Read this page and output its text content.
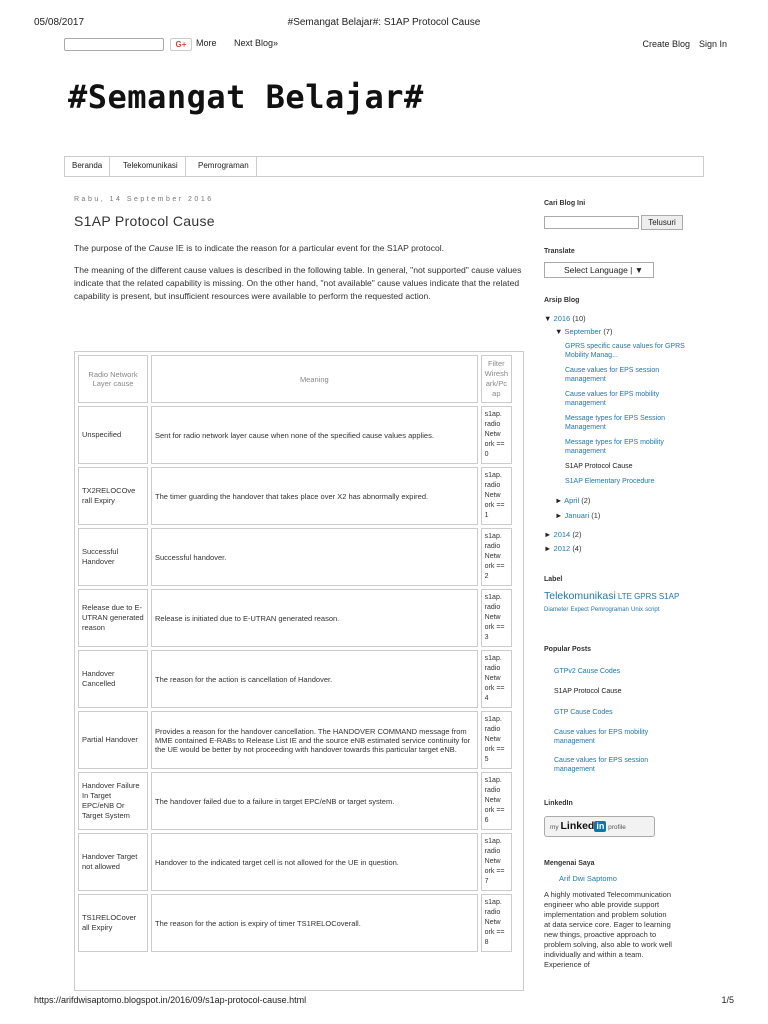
05/08/2017	#Semangat Belajar#: S1AP Protocol Cause
G+	More Next Blog»	Create Blog Sign In
#Semangat Belajar#
Beranda	Telekomunikasi	Pemrograman
Rabu, 14 September 2016
S1AP Protocol Cause

The purpose of the Cause IE is to indicate the reason for a particular event for the S1AP protocol.

The meaning of the different cause values is described in the following table. In general, "not supported" cause values indicate that the related capability is missing. On the other hand, "not available" cause values indicate that the related capability is present, but insufficient resources were available to perform the requested action.

Radio Network Layer cause	Meaning	Filter Wiresh ark/Pc ap
Unspecified	Sent for radio network layer cause when none of the specified cause values applies.	s1ap. radio Netw ork == 0
TX2RELOCOve rall Expiry	The timer guarding the handover that takes place over X2 has abnormally expired.	s1ap. radio Netw ork == 1
Successful Handover	Successful handover.	s1ap. radio Netw ork == 2
Release due to E-UTRAN generated reason	Release is initiated due to E-UTRAN generated reason.	s1ap. radio Netw ork == 3
Handover Cancelled	The reason for the action is cancellation of Handover.	s1ap. radio Netw ork == 4
Partial Handover	Provides a reason for the handover cancellation. The HANDOVER COMMAND message from MME contained E-RABs to Release List IE and the source eNB estimated service continuity for the UE would be better by not proceeding with handover towards this particular target eNB.	s1ap. radio Netw ork == 5
Handover Failure In Target EPC/eNB Or Target System	The handover failed due to a failure in target EPC/eNB or target system.	s1ap. radio Netw ork == 6
Handover Target not allowed	Handover to the indicated target cell is not allowed for the UE in question.	s1ap. radio Netw ork == 7
TS1RELOCover all Expiry	The reason for the action is expiry of timer TS1RELOCoverall.	s1ap. radio Netw ork == 8
Cari Blog Ini
Telusuri
Translate
Select Language | ▼
Arsip Blog
▼ 2016 (10)
▼ September (7)
GPRS specific cause values for GPRS Mobility Manag...
Cause values for EPS session management
Cause values for EPS mobility management
Message types for EPS Session Management
Message types for EPS mobility management
S1AP Protocol Cause
S1AP Elementary Procedure
► April (2)
► Januari (1)
► 2014 (2)
► 2012 (4)
Label
Telekomunikasi LTE GPRS S1AP Diameter Expect Pemrograman Unix script
Popular Posts
GTPv2 Cause Codes
S1AP Protocol Cause
GTP Cause Codes
Cause values for EPS mobility management
Cause values for EPS session management
LinkedIn
my Linked in profile
Mengenai Saya
Arif Dwi Saptomo
A highly motivated Telecommunication engineer who able provide support implementation and problem solution at data service core. Eager to learning new things, proactive approach to problem solving, also able to work well individually and within a team. Experience of
https://arifdwisaptomo.blogspot.in/2016/09/s1ap-protocol-cause.html	1/5
